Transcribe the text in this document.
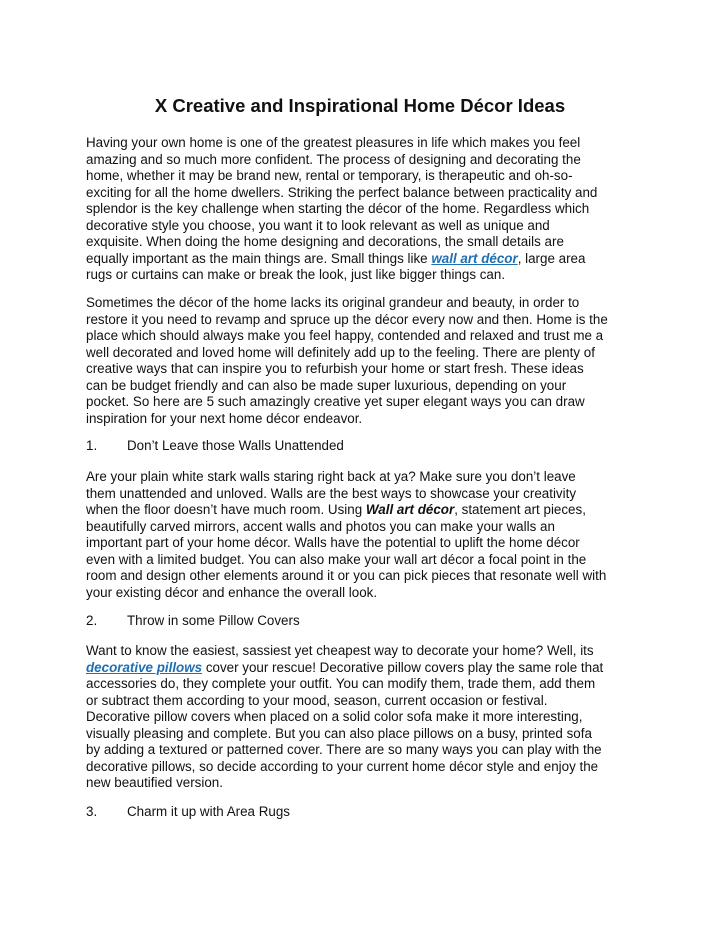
X Creative and Inspirational Home Décor Ideas
Having your own home is one of the greatest pleasures in life which makes you feel
amazing and so much more confident. The process of designing and decorating the
home, whether it may be brand new, rental or temporary, is therapeutic and oh-so-
exciting for all the home dwellers. Striking the perfect balance between practicality and
splendor is the key challenge when starting the décor of the home. Regardless which
decorative style you choose, you want it to look relevant as well as unique and
exquisite. When doing the home designing and decorations, the small details are
equally important as the main things are. Small things like wall art décor, large area
rugs or curtains can make or break the look, just like bigger things can.
Sometimes the décor of the home lacks its original grandeur and beauty, in order to
restore it you need to revamp and spruce up the décor every now and then. Home is the
place which should always make you feel happy, contended and relaxed and trust me a
well decorated and loved home will definitely add up to the feeling. There are plenty of
creative ways that can inspire you to refurbish your home or start fresh. These ideas
can be budget friendly and can also be made super luxurious, depending on your
pocket. So here are 5 such amazingly creative yet super elegant ways you can draw
inspiration for your next home décor endeavor.
1. Don’t Leave those Walls Unattended
Are your plain white stark walls staring right back at ya? Make sure you don’t leave
them unattended and unloved. Walls are the best ways to showcase your creativity
when the floor doesn’t have much room. Using Wall art décor, statement art pieces,
beautifully carved mirrors, accent walls and photos you can make your walls an
important part of your home décor. Walls have the potential to uplift the home décor
even with a limited budget. You can also make your wall art décor a focal point in the
room and design other elements around it or you can pick pieces that resonate well with
your existing décor and enhance the overall look.
2. Throw in some Pillow Covers
Want to know the easiest, sassiest yet cheapest way to decorate your home? Well, its
decorative pillows cover your rescue! Decorative pillow covers play the same role that
accessories do, they complete your outfit. You can modify them, trade them, add them
or subtract them according to your mood, season, current occasion or festival.
Decorative pillow covers when placed on a solid color sofa make it more interesting,
visually pleasing and complete. But you can also place pillows on a busy, printed sofa
by adding a textured or patterned cover. There are so many ways you can play with the
decorative pillows, so decide according to your current home décor style and enjoy the
new beautified version.
3. Charm it up with Area Rugs
